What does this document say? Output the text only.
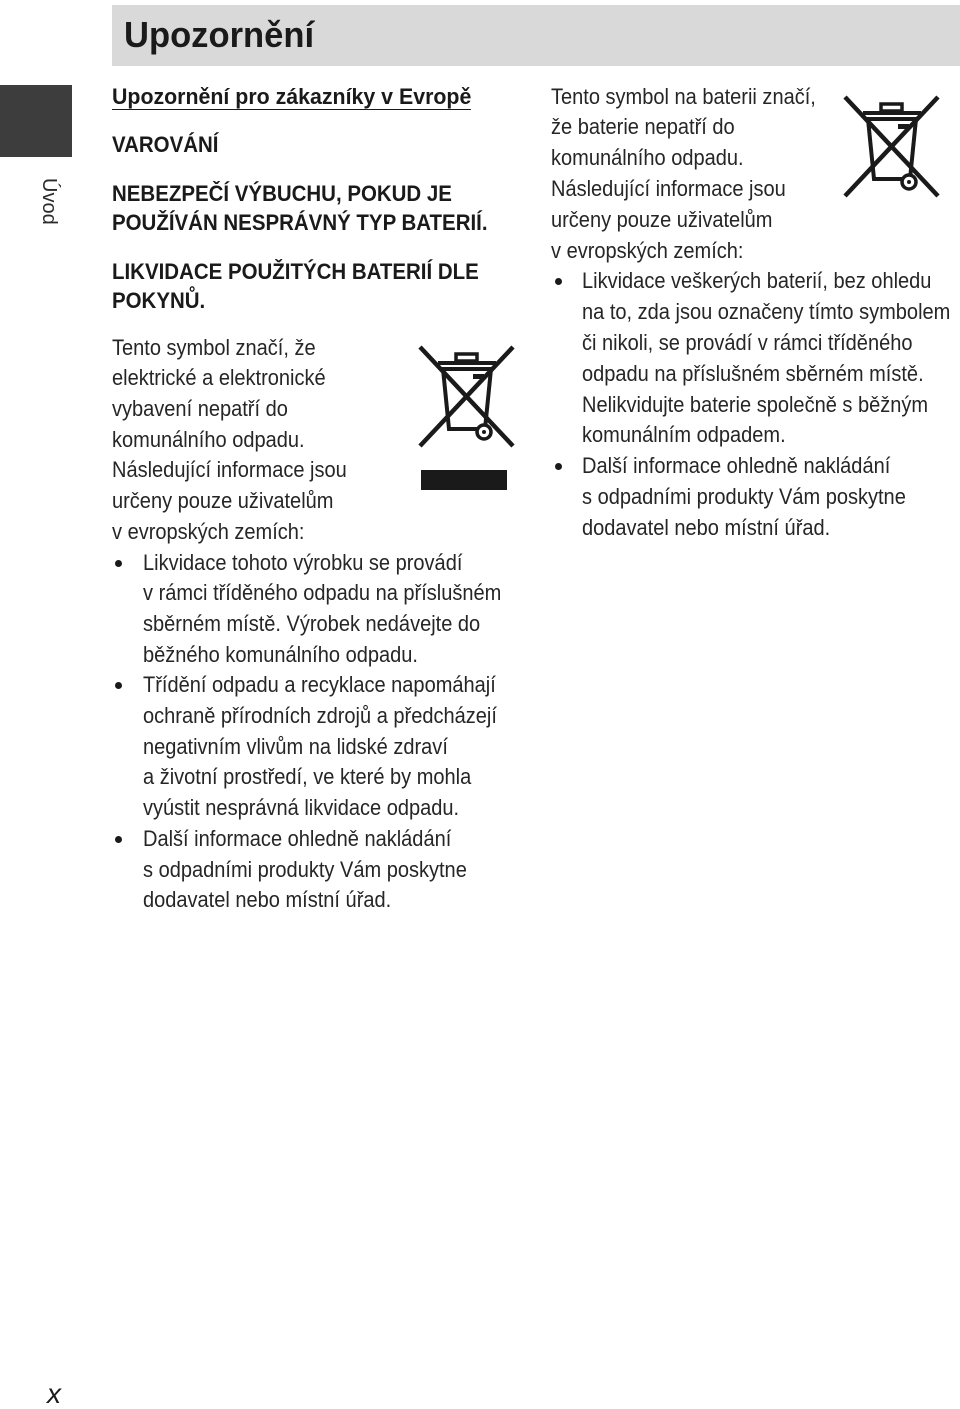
Upozornění
Úvod
Upozornění pro zákazníky v Evropě
VAROVÁNÍ
NEBEZPEČÍ VÝBUCHU, POKUD JE
POUŽÍVÁN NESPRÁVNÝ TYP BATERIÍ.
LIKVIDACE POUŽITÝCH BATERIÍ DLE
POKYNŮ.
Tento symbol značí, že
elektrické a elektronické
vybavení nepatří do
komunálního odpadu.
Následující informace jsou
určeny pouze uživatelům
v evropských zemích:
Likvidace tohoto výrobku se provádí
v rámci tříděného odpadu na příslušném
sběrném místě. Výrobek nedávejte do
běžného komunálního odpadu.
Třídění odpadu a recyklace napomáhají
ochraně přírodních zdrojů a předcházejí
negativním vlivům na lidské zdraví
a životní prostředí, ve které by mohla
vyústit nesprávná likvidace odpadu.
Další informace ohledně nakládání
s odpadními produkty Vám poskytne
dodavatel nebo místní úřad.
Tento symbol na baterii značí,
že baterie nepatří do
komunálního odpadu.
Následující informace jsou
určeny pouze uživatelům
v evropských zemích:
Likvidace veškerých baterií, bez ohledu
na to, zda jsou označeny tímto symbolem
či nikoli, se provádí v rámci tříděného
odpadu na příslušném sběrném místě.
Nelikvidujte baterie společně s běžným
komunálním odpadem.
Další informace ohledně nakládání
s odpadními produkty Vám poskytne
dodavatel nebo místní úřad.
x
